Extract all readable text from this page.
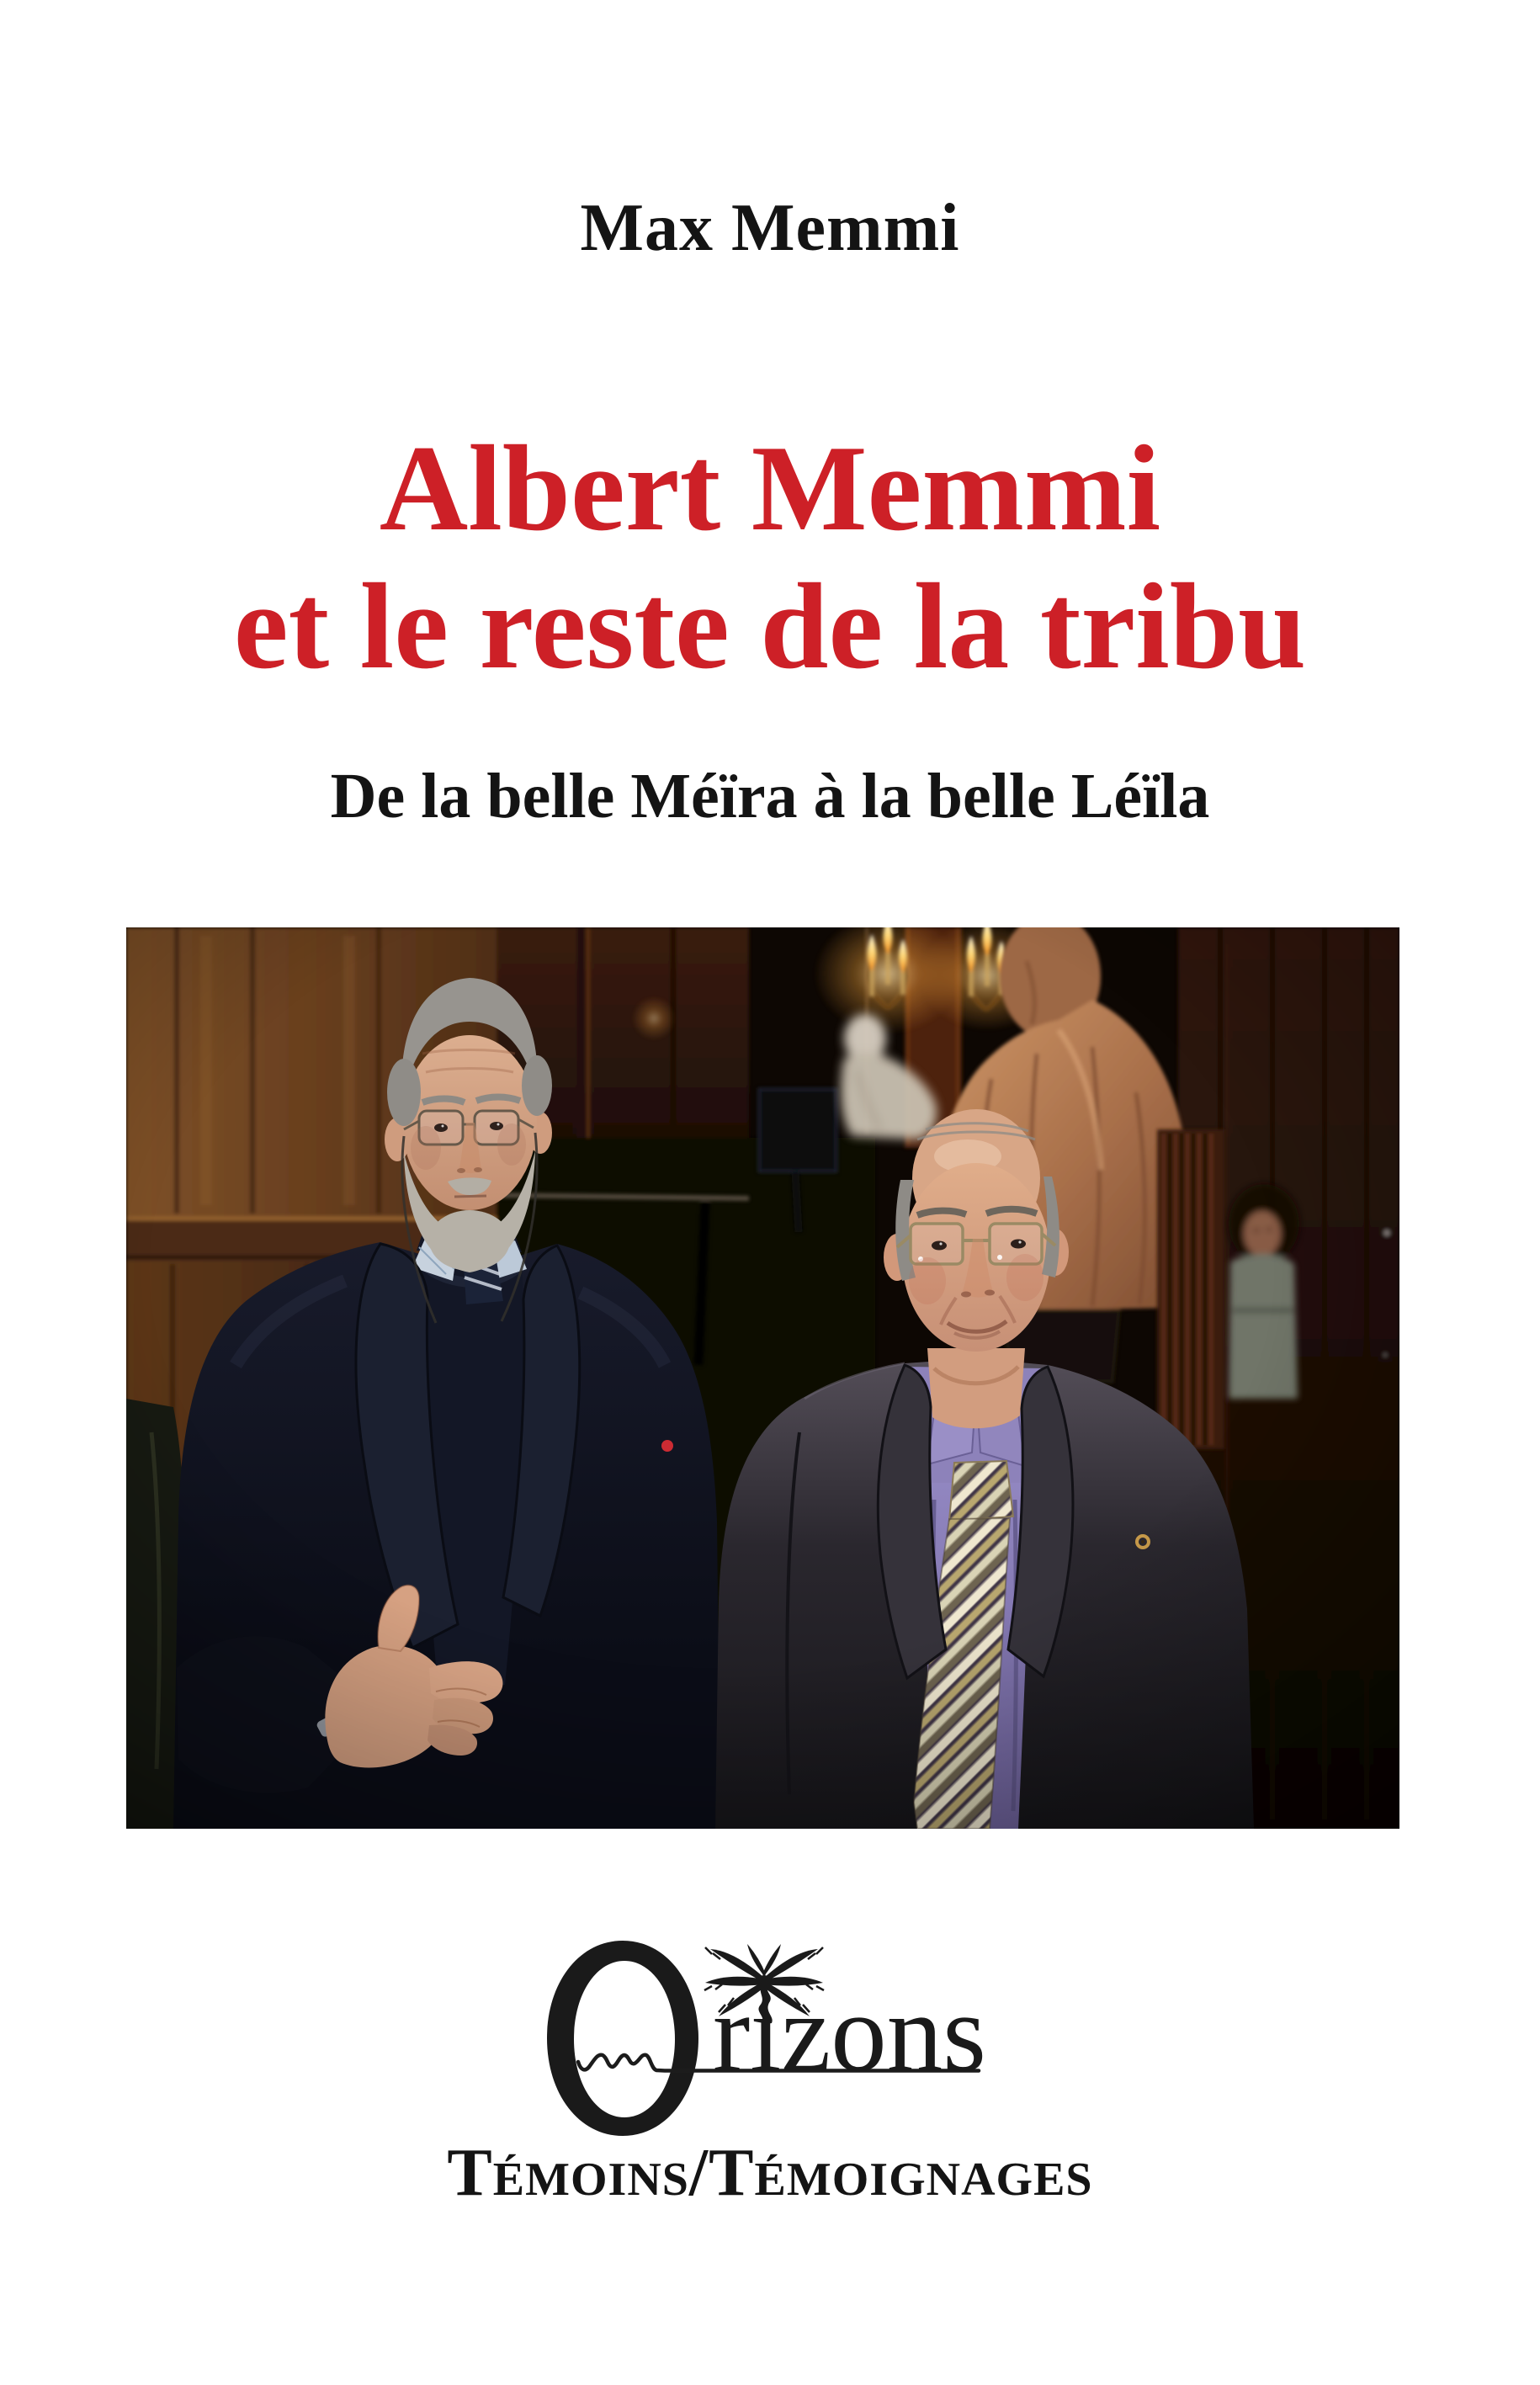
Max Memmi
Albert Memmi
et le reste de la tribu
De la belle Méïra à la belle Léïla
rızons
Témoins/Témoignages
